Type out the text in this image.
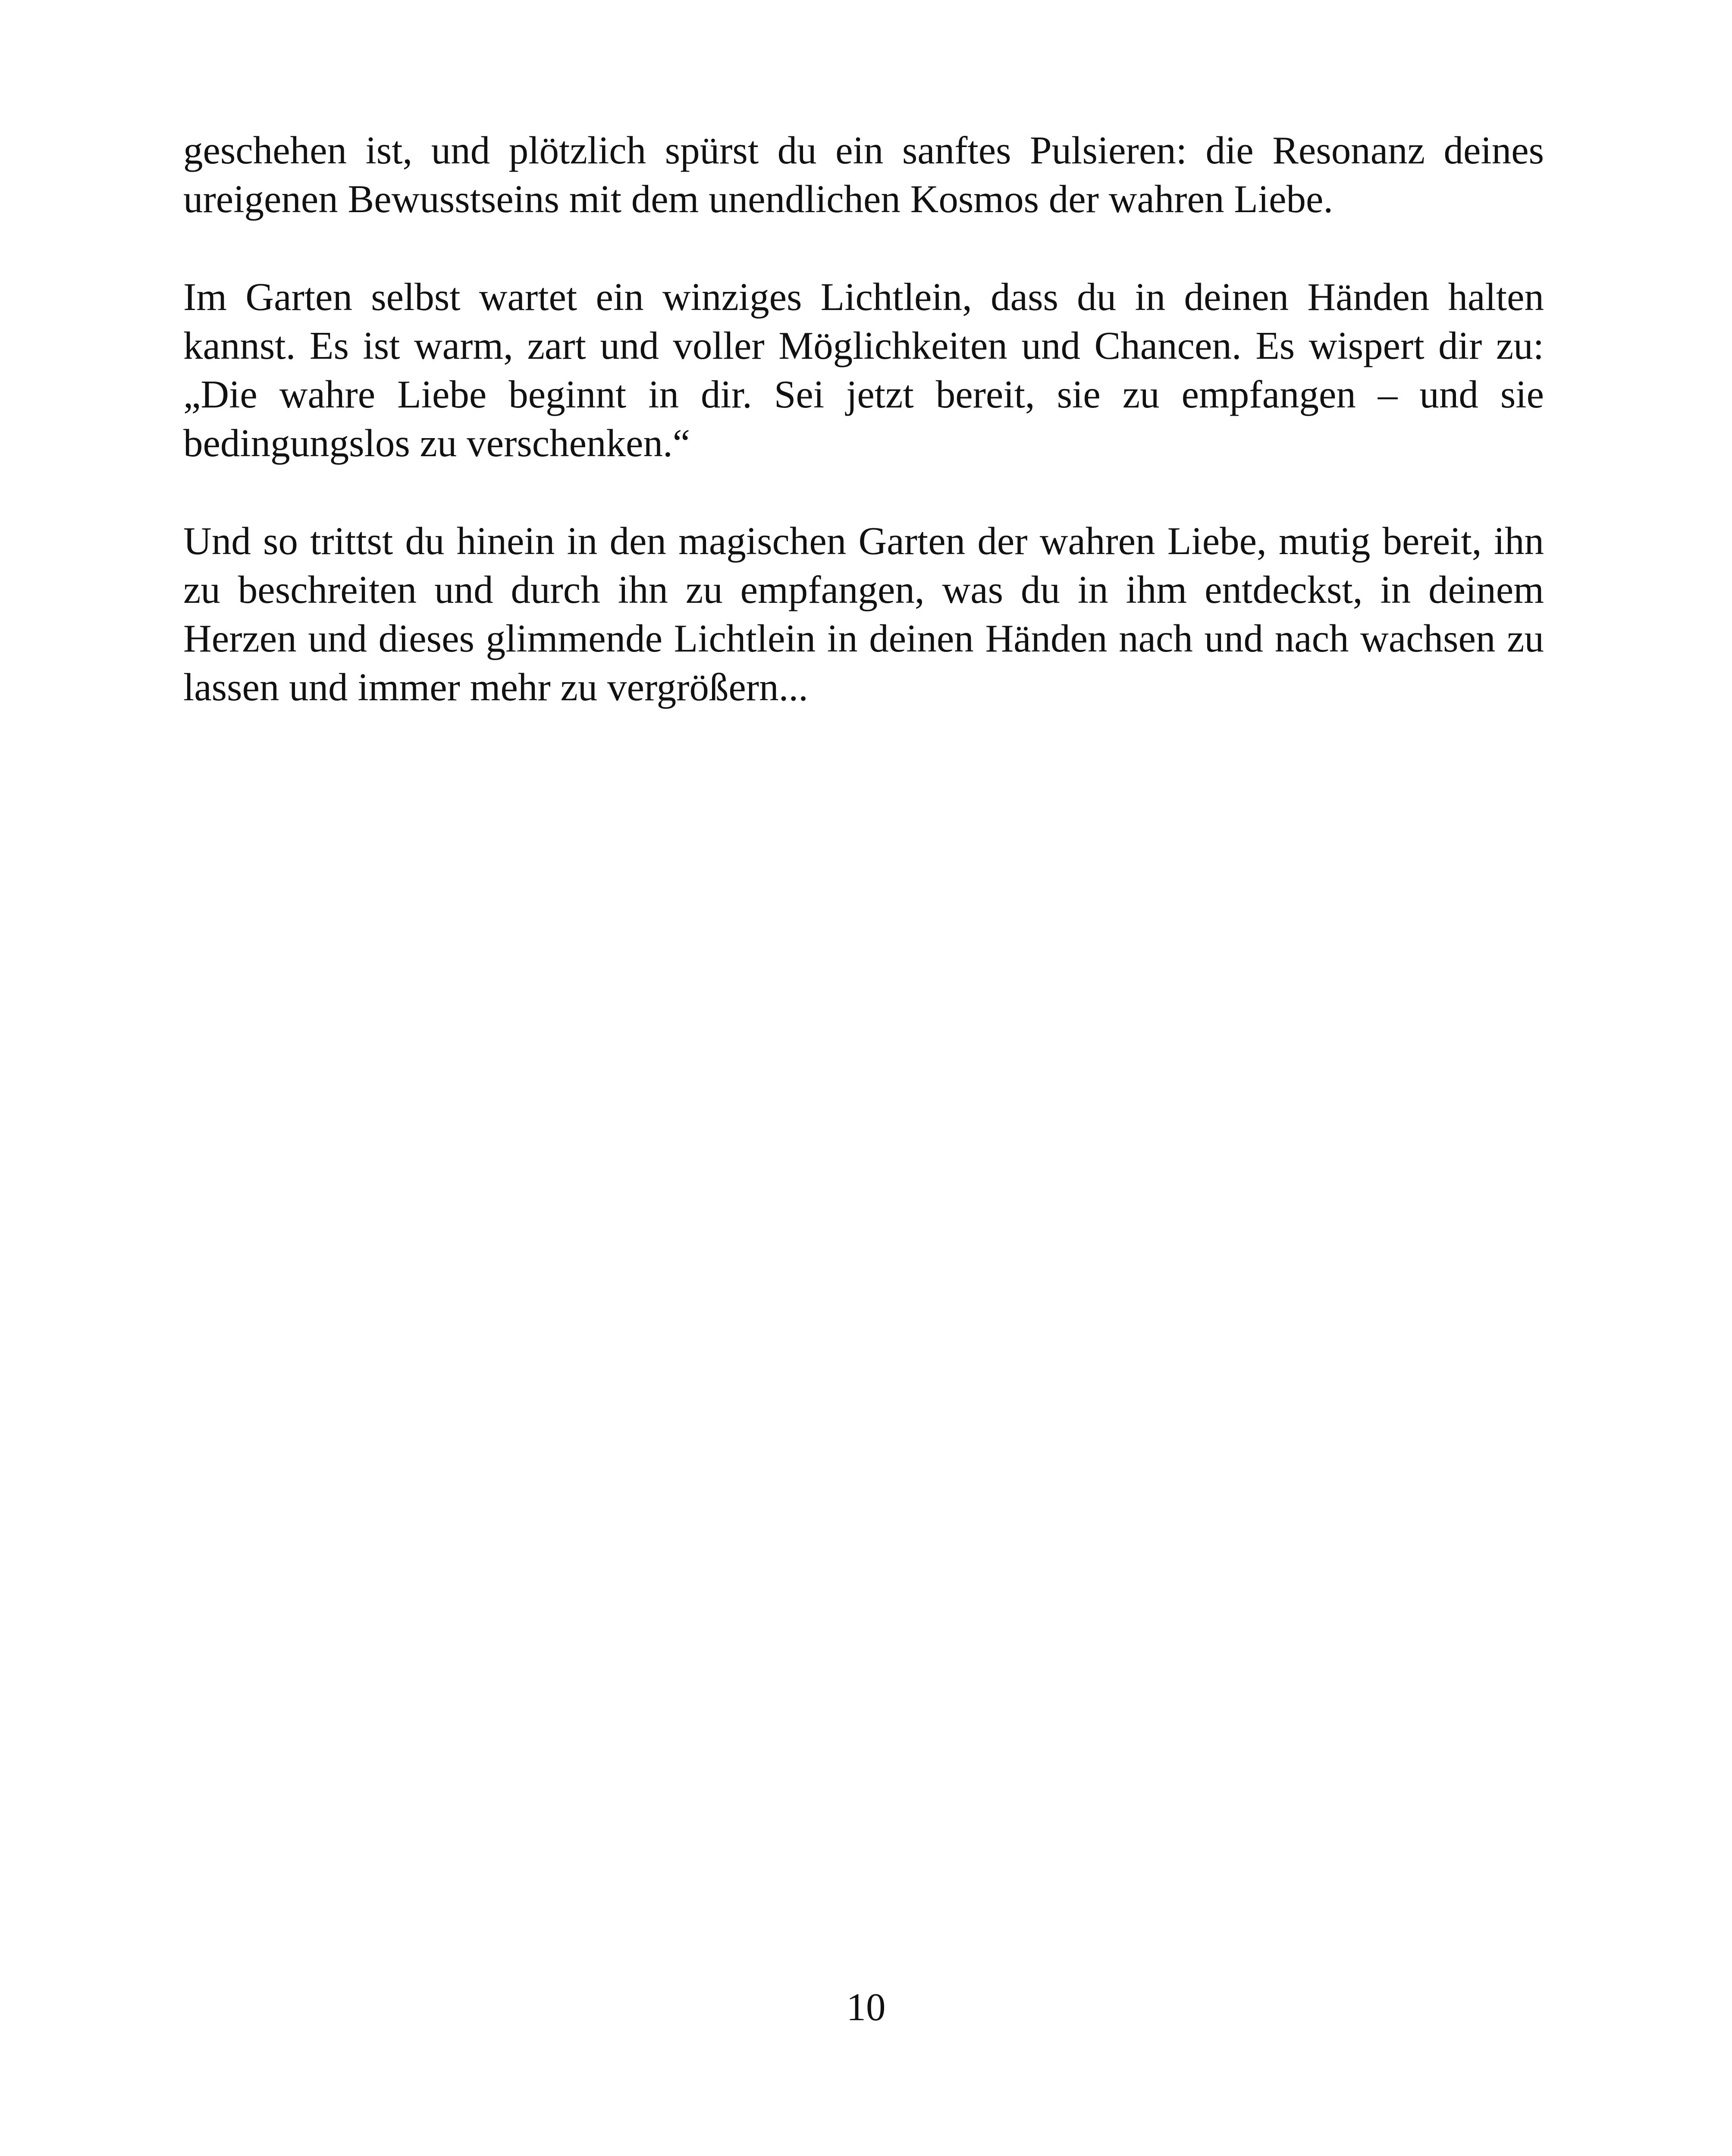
geschehen ist, und plötzlich spürst du ein sanftes Pulsieren: die Resonanz deines ureigenen Bewusstseins mit dem unendlichen Kosmos der wahren Liebe.

Im Garten selbst wartet ein winziges Lichtlein, dass du in deinen Händen halten kannst. Es ist warm, zart und voller Möglichkeiten und Chancen. Es wispert dir zu: „Die wahre Liebe beginnt in dir. Sei jetzt bereit, sie zu empfangen – und sie bedingungslos zu verschenken.“

Und so trittst du hinein in den magischen Garten der wahren Liebe, mutig bereit, ihn zu beschreiten und durch ihn zu empfangen, was du in ihm entdeckst, in deinem Herzen und dieses glimmende Lichtlein in deinen Händen nach und nach wachsen zu lassen und immer mehr zu vergrößern...

10
